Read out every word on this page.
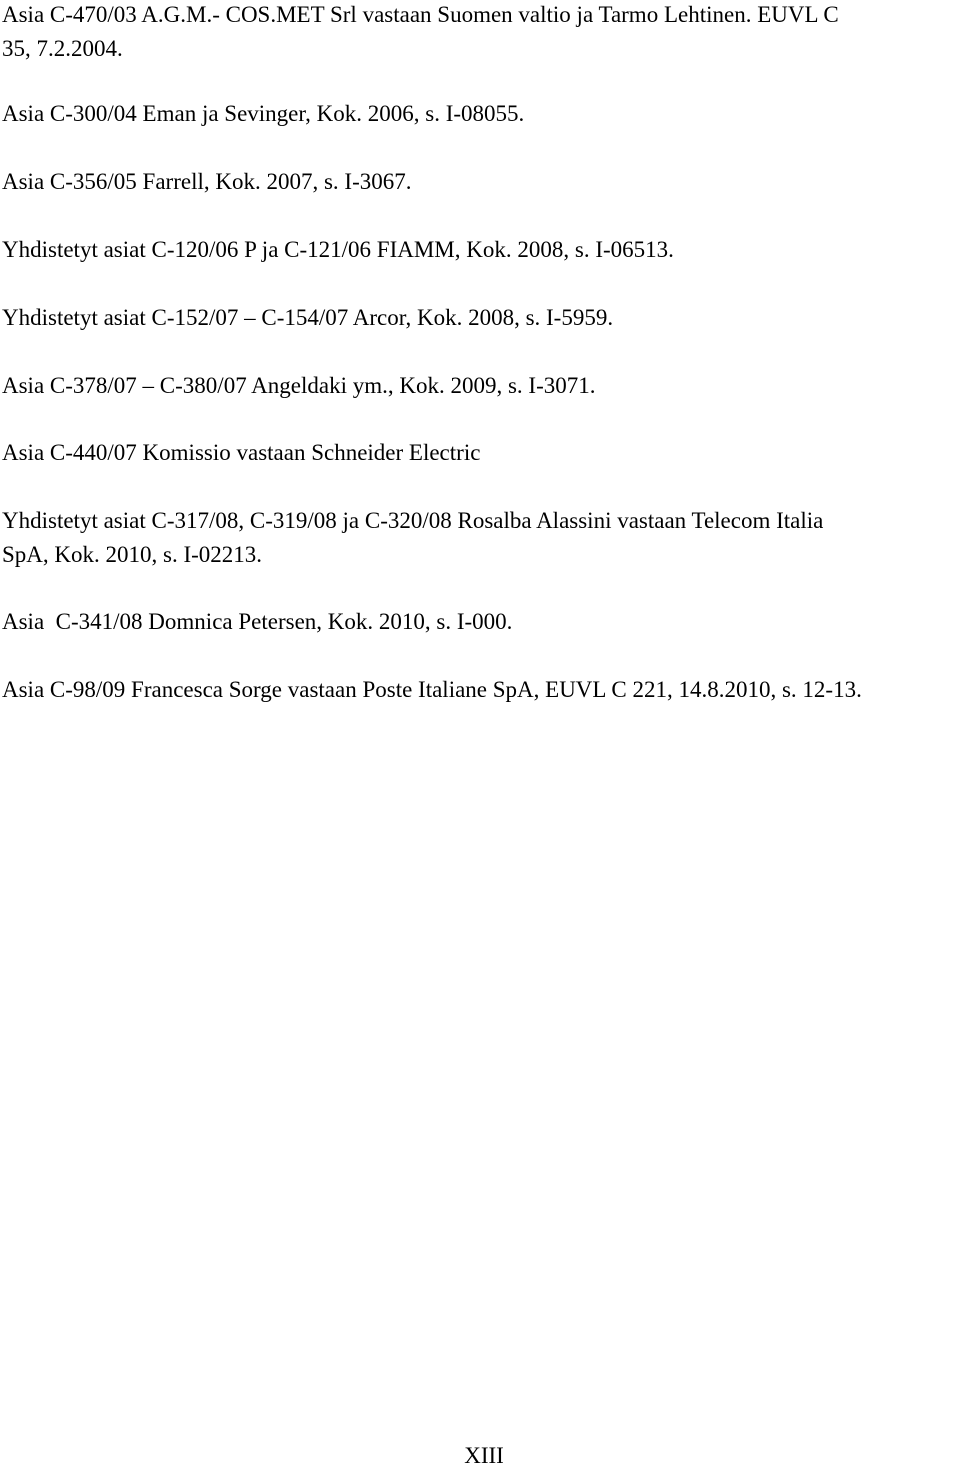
Asia C-470/03 A.G.M.- COS.MET Srl vastaan Suomen valtio ja Tarmo Lehtinen. EUVL C
35, 7.2.2004.

Asia C-300/04 Eman ja Sevinger, Kok. 2006, s. I-08055.

Asia C-356/05 Farrell, Kok. 2007, s. I-3067.

Yhdistetyt asiat C-120/06 P ja C-121/06 FIAMM, Kok. 2008, s. I-06513.

Yhdistetyt asiat C-152/07 – C-154/07 Arcor, Kok. 2008, s. I-5959.

Asia C-378/07 – C-380/07 Angeldaki ym., Kok. 2009, s. I-3071.

Asia C-440/07 Komissio vastaan Schneider Electric

Yhdistetyt asiat C-317/08, C-319/08 ja C-320/08 Rosalba Alassini vastaan Telecom Italia
SpA, Kok. 2010, s. I-02213.

Asia  C-341/08 Domnica Petersen, Kok. 2010, s. I-000.

Asia C-98/09 Francesca Sorge vastaan Poste Italiane SpA, EUVL C 221, 14.8.2010, s. 12-13.

XIII
